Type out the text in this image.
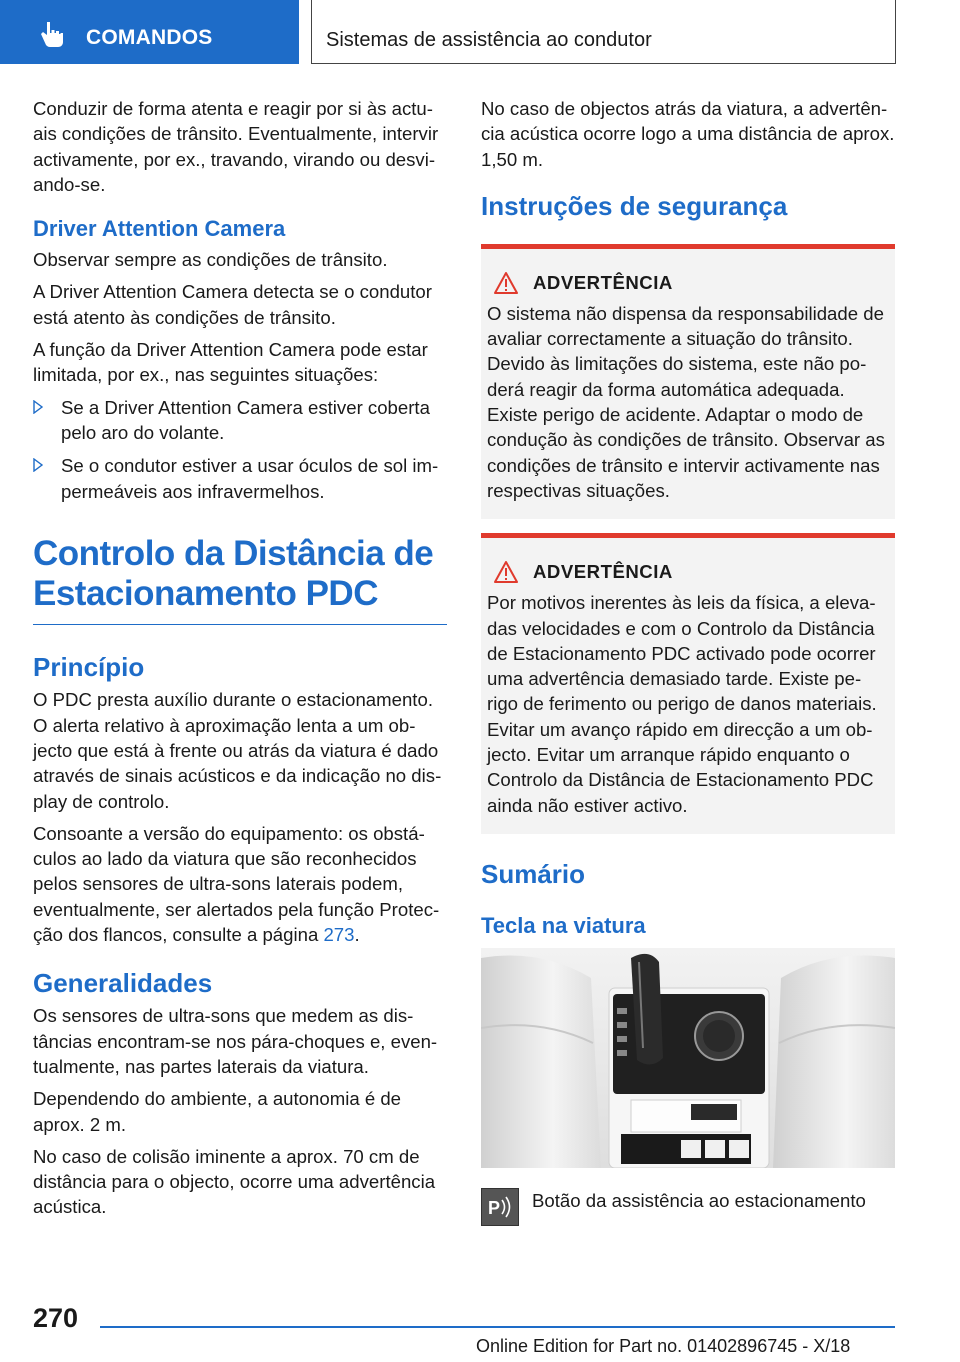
COMANDOS	Sistemas de assistência ao condutor

Conduzir de forma atenta e reagir por si às actu-ais condições de trânsito. Eventualmente, intervir activamente, por ex., travando, virando ou desvi-ando-se.

Driver Attention Camera

Observar sempre as condições de trânsito.

A Driver Attention Camera detecta se o condutor está atento às condições de trânsito.

A função da Driver Attention Camera pode estar limitada, por ex., nas seguintes situações:

Se a Driver Attention Camera estiver coberta pelo aro do volante.
Se o condutor estiver a usar óculos de sol im-permeáveis aos infravermelhos.
Controlo da Distância de Estacionamento PDC
Princípio

O PDC presta auxílio durante o estacionamento. O alerta relativo à aproximação lenta a um ob-jecto que está à frente ou atrás da viatura é dado através de sinais acústicos e da indicação no dis-play de controlo.

Consoante a versão do equipamento: os obstá-culos ao lado da viatura que são reconhecidos pelos sensores de ultra-sons laterais podem, eventualmente, ser alertados pela função Protec-ção dos flancos, consulte a página 273.

Generalidades

Os sensores de ultra-sons que medem as dis-tâncias encontram-se nos pára-choques e, even-tualmente, nas partes laterais da viatura.

Dependendo do ambiente, a autonomia é de aprox. 2 m.

No caso de colisão iminente a aprox. 70 cm de distância para o objecto, ocorre uma advertência acústica.

No caso de objectos atrás da viatura, a advertên-cia acústica ocorre logo a uma distância de aprox. 1,50 m.

Instruções de segurança
ADVERTÊNCIA

O sistema não dispensa da responsabilidade de avaliar correctamente a situação do trânsito. Devido às limitações do sistema, este não po-derá reagir da forma automática adequada. Existe perigo de acidente. Adaptar o modo de condução às condições de trânsito. Observar as condições de trânsito e intervir activamente nas respectivas situações.

ADVERTÊNCIA

Por motivos inerentes às leis da física, a eleva-das velocidades e com o Controlo da Distância de Estacionamento PDC activado pode ocorrer uma advertência demasiado tarde. Existe pe-rigo de ferimento ou perigo de danos materiais. Evitar um avanço rápido em direcção a um ob-jecto. Evitar um arranque rápido enquanto o Controlo da Distância de Estacionamento PDC ainda não estiver activo.

Sumário
Tecla na viatura
P Botão da assistência ao estacionamento
270
Online Edition for Part no. 01402896745 - X/18
